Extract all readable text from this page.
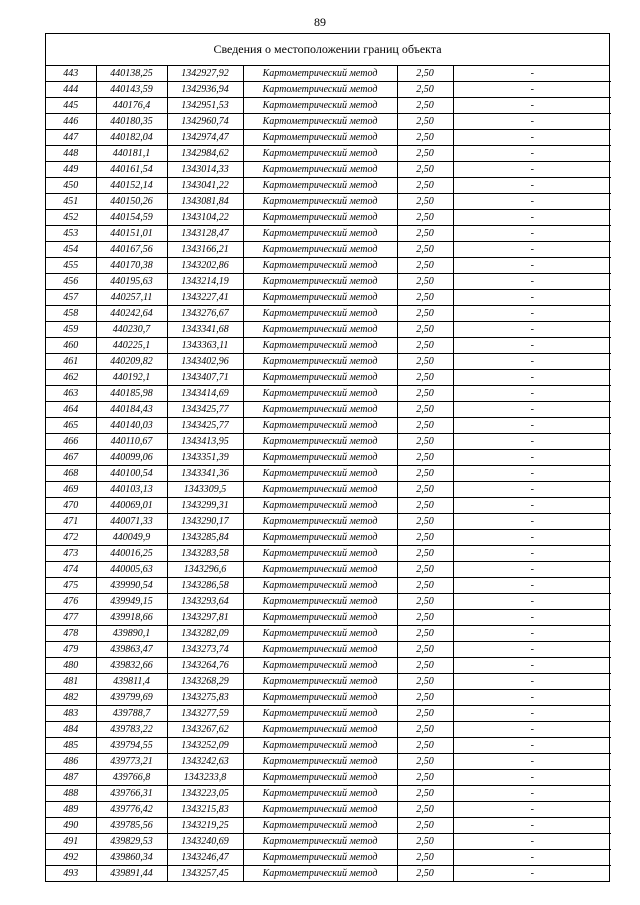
89
Сведения о местоположении границ объекта
443	440138,25	1342927,92	Картометрический метод	2,50	-
444	440143,59	1342936,94	Картометрический метод	2,50	-
445	440176,4	1342951,53	Картометрический метод	2,50	-
446	440180,35	1342960,74	Картометрический метод	2,50	-
447	440182,04	1342974,47	Картометрический метод	2,50	-
448	440181,1	1342984,62	Картометрический метод	2,50	-
449	440161,54	1343014,33	Картометрический метод	2,50	-
450	440152,14	1343041,22	Картометрический метод	2,50	-
451	440150,26	1343081,84	Картометрический метод	2,50	-
452	440154,59	1343104,22	Картометрический метод	2,50	-
453	440151,01	1343128,47	Картометрический метод	2,50	-
454	440167,56	1343166,21	Картометрический метод	2,50	-
455	440170,38	1343202,86	Картометрический метод	2,50	-
456	440195,63	1343214,19	Картометрический метод	2,50	-
457	440257,11	1343227,41	Картометрический метод	2,50	-
458	440242,64	1343276,67	Картометрический метод	2,50	-
459	440230,7	1343341,68	Картометрический метод	2,50	-
460	440225,1	1343363,11	Картометрический метод	2,50	-
461	440209,82	1343402,96	Картометрический метод	2,50	-
462	440192,1	1343407,71	Картометрический метод	2,50	-
463	440185,98	1343414,69	Картометрический метод	2,50	-
464	440184,43	1343425,77	Картометрический метод	2,50	-
465	440140,03	1343425,77	Картометрический метод	2,50	-
466	440110,67	1343413,95	Картометрический метод	2,50	-
467	440099,06	1343351,39	Картометрический метод	2,50	-
468	440100,54	1343341,36	Картометрический метод	2,50	-
469	440103,13	1343309,5	Картометрический метод	2,50	-
470	440069,01	1343299,31	Картометрический метод	2,50	-
471	440071,33	1343290,17	Картометрический метод	2,50	-
472	440049,9	1343285,84	Картометрический метод	2,50	-
473	440016,25	1343283,58	Картометрический метод	2,50	-
474	440005,63	1343296,6	Картометрический метод	2,50	-
475	439990,54	1343286,58	Картометрический метод	2,50	-
476	439949,15	1343293,64	Картометрический метод	2,50	-
477	439918,66	1343297,81	Картометрический метод	2,50	-
478	439890,1	1343282,09	Картометрический метод	2,50	-
479	439863,47	1343273,74	Картометрический метод	2,50	-
480	439832,66	1343264,76	Картометрический метод	2,50	-
481	439811,4	1343268,29	Картометрический метод	2,50	-
482	439799,69	1343275,83	Картометрический метод	2,50	-
483	439788,7	1343277,59	Картометрический метод	2,50	-
484	439783,22	1343267,62	Картометрический метод	2,50	-
485	439794,55	1343252,09	Картометрический метод	2,50	-
486	439773,21	1343242,63	Картометрический метод	2,50	-
487	439766,8	1343233,8	Картометрический метод	2,50	-
488	439766,31	1343223,05	Картометрический метод	2,50	-
489	439776,42	1343215,83	Картометрический метод	2,50	-
490	439785,56	1343219,25	Картометрический метод	2,50	-
491	439829,53	1343240,69	Картометрический метод	2,50	-
492	439860,34	1343246,47	Картометрический метод	2,50	-
493	439891,44	1343257,45	Картометрический метод	2,50	-
